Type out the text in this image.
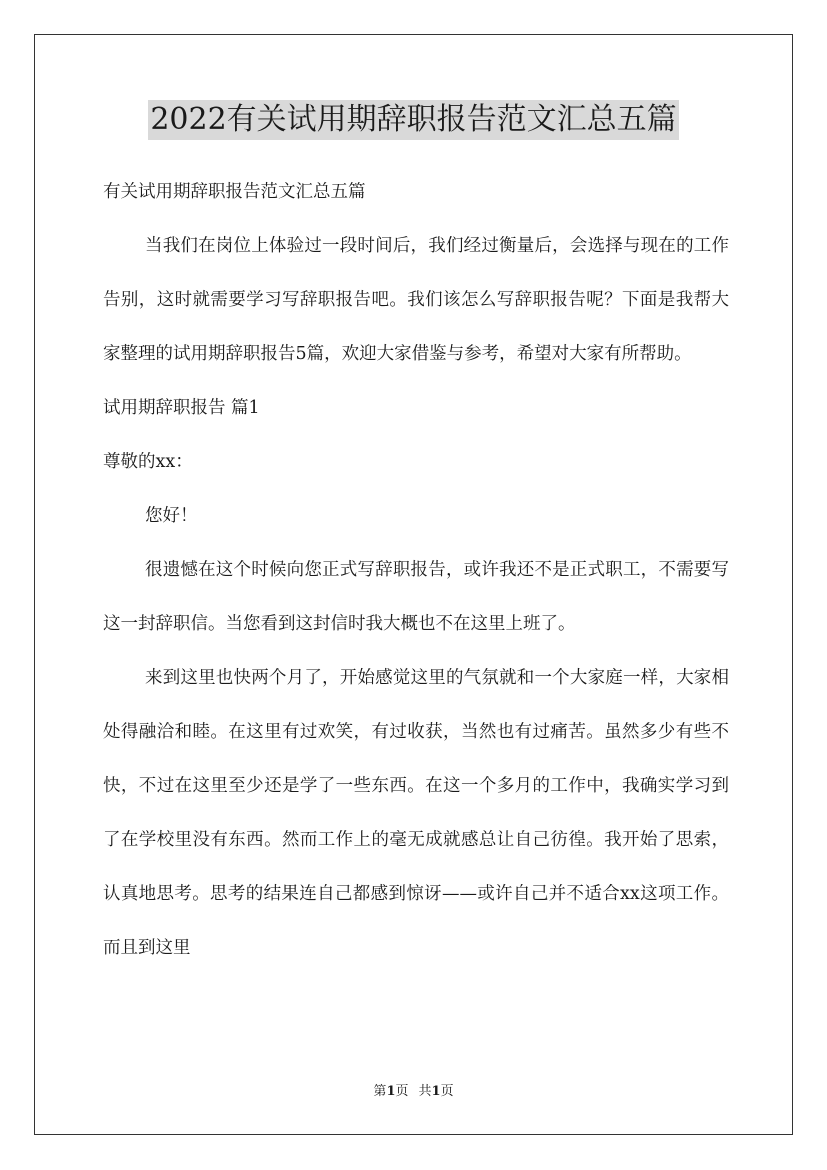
2022有关试用期辞职报告范文汇总五篇

有关试用期辞职报告范文汇总五篇

当我们在岗位上体验过一段时间后，我们经过衡量后，会选择与现在的工作告别，这时就需要学习写辞职报告吧。我们该怎么写辞职报告呢？下面是我帮大家整理的试用期辞职报告5篇，欢迎大家借鉴与参考，希望对大家有所帮助。

试用期辞职报告 篇1

尊敬的xx：

您好！

很遗憾在这个时候向您正式写辞职报告，或许我还不是正式职工，不需要写这一封辞职信。当您看到这封信时我大概也不在这里上班了。

来到这里也快两个月了，开始感觉这里的气氛就和一个大家庭一样，大家相处得融洽和睦。在这里有过欢笑，有过收获，当然也有过痛苦。虽然多少有些不快，不过在这里至少还是学了一些东西。在这一个多月的工作中，我确实学习到了在学校里没有东西。然而工作上的毫无成就感总让自己彷徨。我开始了思索，认真地思考。思考的结果连自己都感到惊讶——或许自己并不适合xx这项工作。而且到这里

第1页 共1页
